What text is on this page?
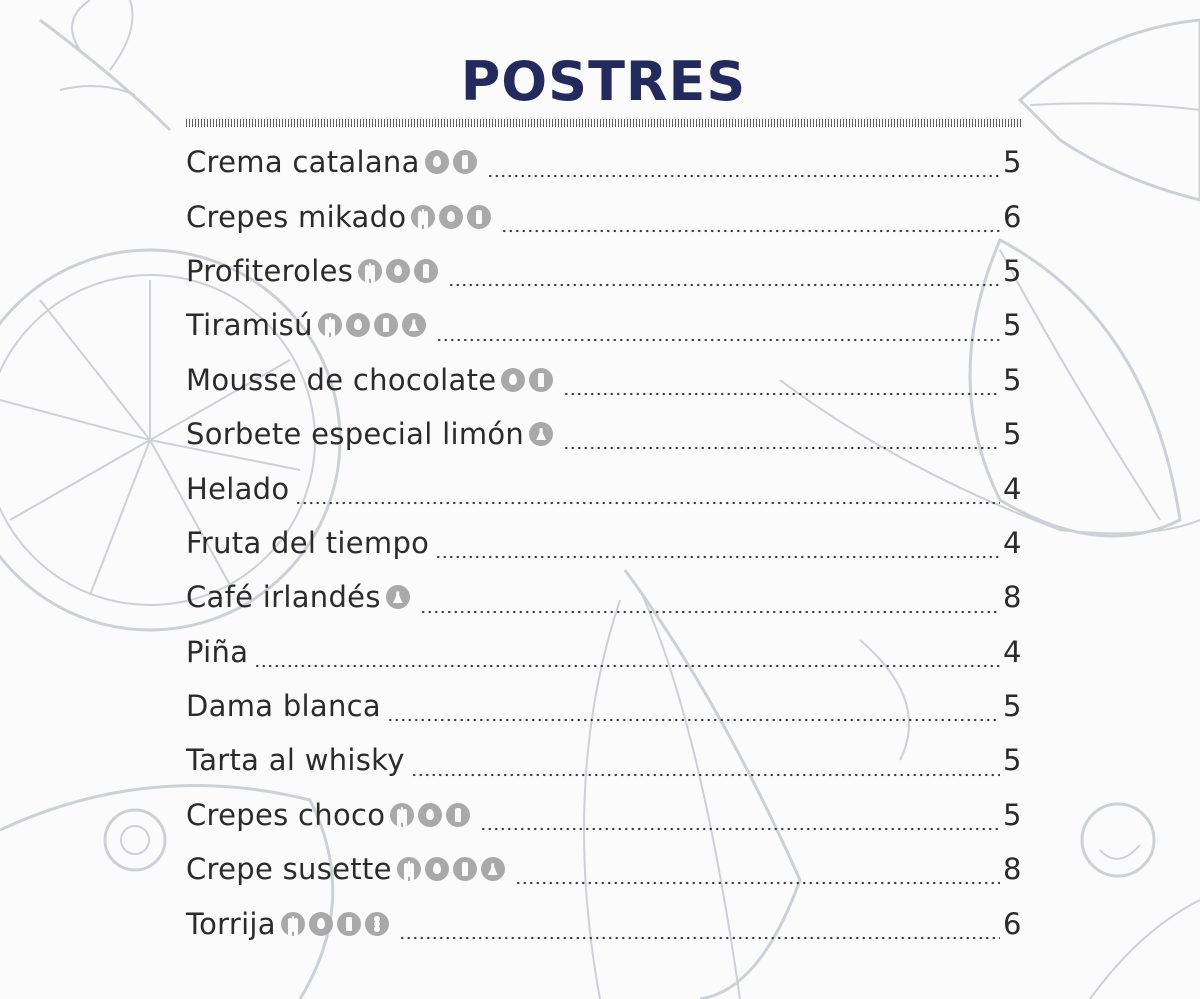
POSTRES
Crema catalana	5
Crepes mikado	6
Profiteroles	5
Tiramisú	5
Mousse de chocolate	5
Sorbete especial limón	5
Helado	4
Fruta del tiempo	4
Café irlandés	8
Piña	4
Dama blanca	5
Tarta al whisky	5
Crepes choco	5
Crepe susette	8
Torrija	6
